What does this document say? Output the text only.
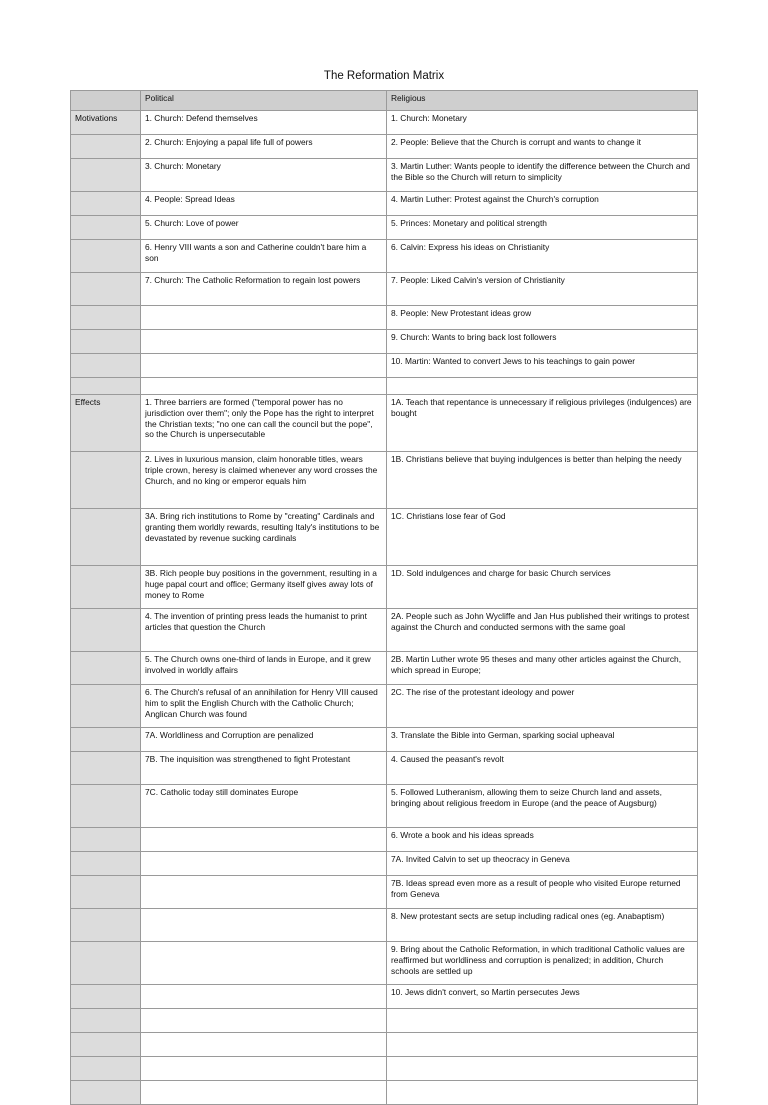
The Reformation Matrix
	Political	Religious
Motivations	1. Church: Defend themselves	1. Church: Monetary
	2. Church: Enjoying a papal life full of powers	2. People: Believe that the Church is corrupt and wants to change it
	3. Church: Monetary	3. Martin Luther: Wants people to identify the difference between the Church and the Bible so the Church will return to simplicity
	4. People: Spread Ideas	4. Martin Luther: Protest against the Church's corruption
	5. Church: Love of power	5. Princes: Monetary and political strength
	6. Henry VIII wants a son and Catherine couldn't bare him a son	6. Calvin: Express his ideas on Christianity
	7. Church: The Catholic Reformation to regain lost powers	7. People: Liked Calvin's version of Christianity
		8. People: New Protestant ideas grow
		9. Church: Wants to bring back lost followers
		10. Martin: Wanted to convert Jews to his teachings to gain power

Effects	1. Three barriers are formed ("temporal power has no jurisdiction over them"; only the Pope has the right to interpret the Christian texts; "no one can call the council but the pope", so the Church is unpersecutable	1A. Teach that repentance is unnecessary if religious privileges (indulgences) are bought
	2. Lives in luxurious mansion, claim honorable titles, wears triple crown, heresy is claimed whenever any word crosses the Church, and no king or emperor equals him	1B. Christians believe that buying indulgences is better than helping the needy
	3A. Bring rich institutions to Rome by "creating" Cardinals and granting them worldly rewards, resulting Italy's institutions to be devastated by revenue sucking cardinals	1C. Christians lose fear of God
	3B. Rich people buy positions in the government, resulting in a huge papal court and office; Germany itself gives away lots of money to Rome	1D. Sold indulgences and charge for basic Church services
	4. The invention of printing press leads the humanist to print articles that question the Church	2A. People such as John Wycliffe and Jan Hus published their writings to protest against the Church and conducted sermons with the same goal
	5. The Church owns one-third of lands in Europe, and it grew involved in worldly affairs	2B. Martin Luther wrote 95 theses and many other articles against the Church, which spread in Europe;
	6. The Church's refusal of an annihilation for Henry VIII caused him to split the English Church with the Catholic Church; Anglican Church was found	2C. The rise of the protestant ideology and power
	7A. Worldliness and Corruption are penalized	3. Translate the Bible into German, sparking social upheaval
	7B. The inquisition was strengthened to fight Protestant	4. Caused the peasant's revolt
	7C. Catholic today still dominates Europe	5. Followed Lutheranism, allowing them to seize Church land and assets, bringing about religious freedom in Europe (and the peace of Augsburg)
		6. Wrote a book and his ideas spreads
		7A. Invited Calvin to set up theocracy in Geneva
		7B. Ideas spread even more as a result of people who visited Europe returned from Geneva
		8. New protestant sects are setup including radical ones (eg. Anabaptism)
		9. Bring about the Catholic Reformation, in which traditional Catholic values are reaffirmed but worldliness and corruption is penalized; in addition, Church schools are settled up
		10. Jews didn't convert, so Martin persecutes Jews
